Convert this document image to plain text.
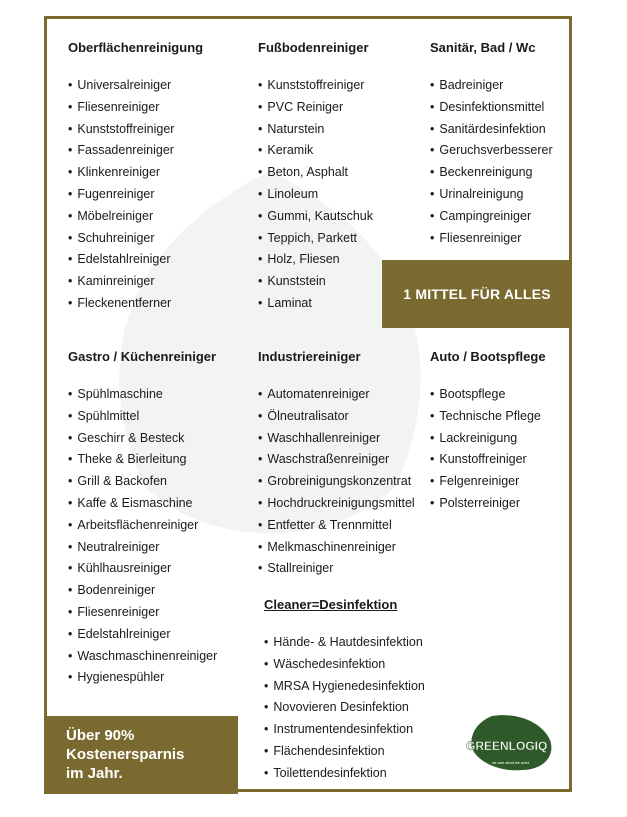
Oberflächenreinigung
• Universalreiniger
• Fliesenreiniger
• Kunststoffreiniger
• Fassadenreiniger
• Klinkenreiniger
• Fugenreiniger
• Möbelreiniger
• Schuhreiniger
• Edelstahlreiniger
• Kaminreiniger
• Fleckenentferner
Fußbodenreiniger
• Kunststoffreiniger
• PVC Reiniger
• Naturstein
• Keramik
• Beton, Asphalt
• Linoleum
• Gummi, Kautschuk
• Teppich, Parkett
• Holz, Fliesen
• Kunststein
• Laminat
Sanitär, Bad / Wc
• Badreiniger
• Desinfektionsmittel
• Sanitärdesinfektion
• Geruchsverbesserer
• Beckenreinigung
• Urinalreinigung
• Campingreiniger
• Fliesenreiniger
1 MITTEL FÜR ALLES
Gastro / Küchenreiniger
• Spühlmaschine
• Spühlmittel
• Geschirr & Besteck
• Theke & Bierleitung
• Grill & Backofen
• Kaffe & Eismaschine
• Arbeitsflächenreiniger
• Neutralreiniger
• Kühlhausreiniger
• Bodenreiniger
• Fliesenreiniger
• Edelstahlreiniger
• Waschmaschinenreiniger
• Hygienespühler
Industriereiniger
• Automatenreiniger
• Ölneutralisator
• Waschhallenreiniger
• Waschstraßenreiniger
• Grobreinigungskonzentrat
• Hochdruckreinigungsmittel
• Entfetter & Trennmittel
• Melkmaschinenreiniger
• Stallreiniger
Auto / Bootspflege
• Bootspflege
• Technische Pflege
• Lackreinigung
• Kunstoffreiniger
• Felgenreiniger
• Polsterreiniger
Cleaner=Desinfektion
• Hände- & Hautdesinfektion
• Wäschedesinfektion
• MRSA Hygienedesinfektion
• Novovieren Desinfektion
• Instrumentendesinfektion
• Flächendesinfektion
• Toilettendesinfektion
Über 90%
Kostenersparnis
im Jahr.
GREENLOGIQ
we care about the world
